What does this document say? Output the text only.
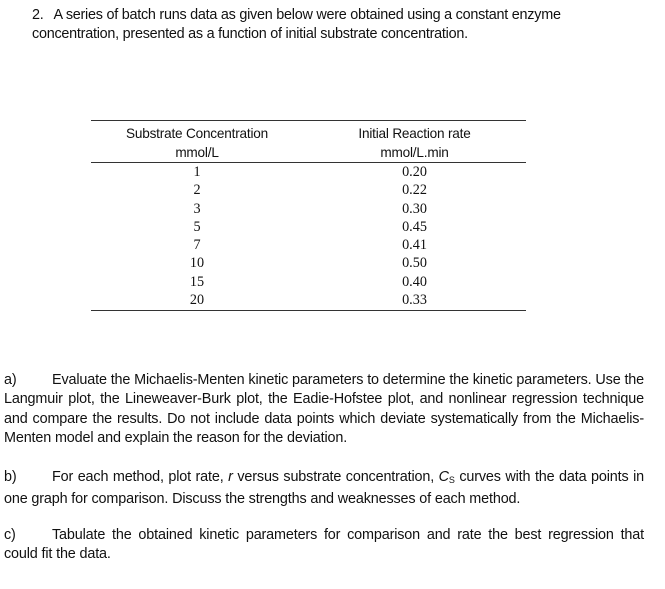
2. A series of batch runs data as given below were obtained using a constant enzyme
concentration, presented as a function of initial substrate concentration.
Substrate Concentration	Initial Reaction rate
mmol/L	mmol/L.min
1	0.20
2	0.22
3	0.30
5	0.45
7	0.41
10	0.50
15	0.40
20	0.33
a) Evaluate the Michaelis-Menten kinetic parameters to determine the kinetic parameters. Use the Langmuir plot, the Lineweaver-Burk plot, the Eadie-Hofstee plot, and nonlinear regression technique and compare the results. Do not include data points which deviate systematically from the Michaelis-Menten model and explain the reason for the deviation.
b) For each method, plot rate, r versus substrate concentration, $C_S$ curves with the data points in one graph for comparison. Discuss the strengths and weaknesses of each method.
c)	Tabulate the obtained kinetic parameters for comparison and rate the best regression that could fit the data.
